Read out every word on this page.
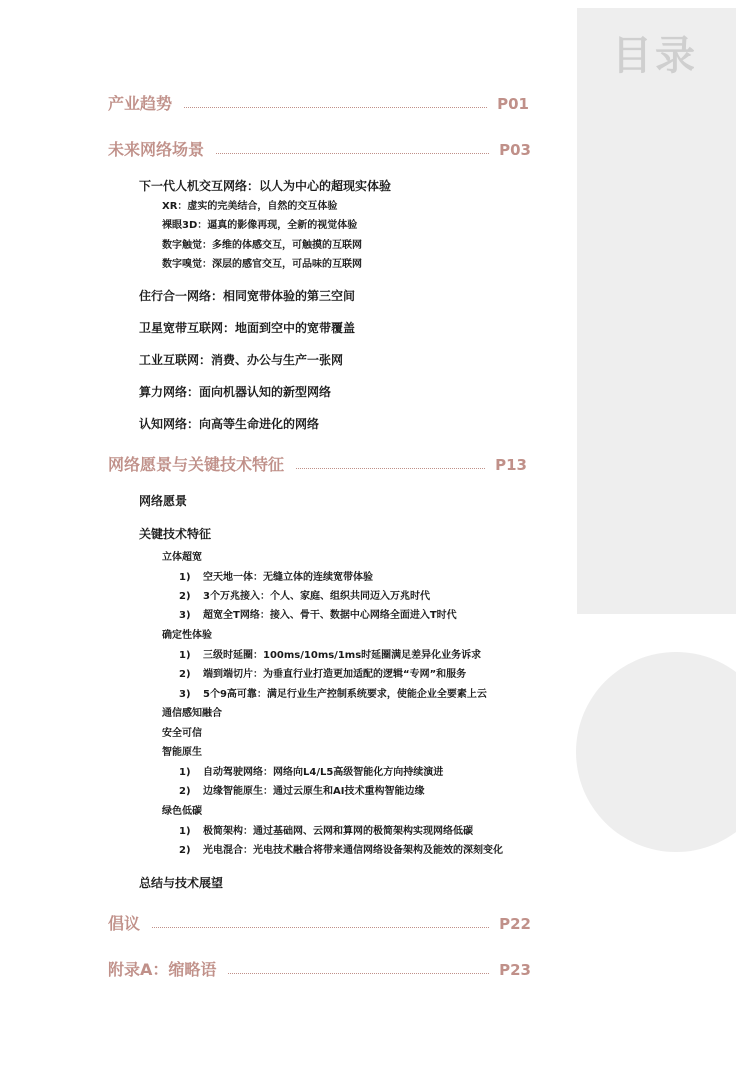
目录
产业趋势	P01
未来网络场景	P03
下一代人机交互网络：以人为中心的超现实体验
XR：虚实的完美结合，自然的交互体验
裸眼3D：逼真的影像再现，全新的视觉体验
数字触觉：多维的体感交互，可触摸的互联网
数字嗅觉：深层的感官交互，可品味的互联网
住行合一网络：相同宽带体验的第三空间
卫星宽带互联网：地面到空中的宽带覆盖
工业互联网：消费、办公与生产一张网
算力网络：面向机器认知的新型网络
认知网络：向高等生命进化的网络
网络愿景与关键技术特征	P13
网络愿景
关键技术特征
立体超宽
1)	空天地一体：无缝立体的连续宽带体验
2)	3个万兆接入：个人、家庭、组织共同迈入万兆时代
3)	超宽全T网络：接入、骨干、数据中心网络全面进入T时代
确定性体验
1)	三级时延圈：100ms/10ms/1ms时延圈满足差异化业务诉求
2)	端到端切片：为垂直行业打造更加适配的逻辑“专网”和服务
3)	5个9高可靠：满足行业生产控制系统要求，使能企业全要素上云
通信感知融合
安全可信
智能原生
1)	自动驾驶网络：网络向L4/L5高级智能化方向持续演进
2)	边缘智能原生：通过云原生和AI技术重构智能边缘
绿色低碳
1)	极简架构：通过基础网、云网和算网的极简架构实现网络低碳
2)	光电混合：光电技术融合将带来通信网络设备架构及能效的深刻变化
总结与技术展望
倡议	P22
附录A：缩略语	P23
